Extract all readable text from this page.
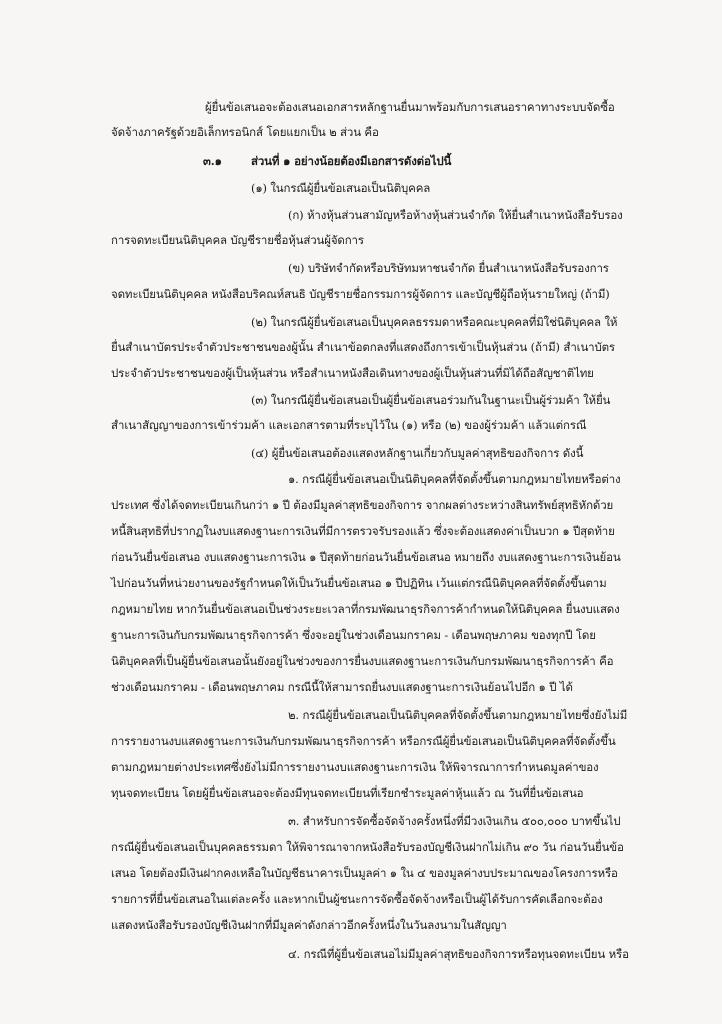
ผู้ยื่นข้อเสนอจะต้องเสนอเอกสารหลักฐานยื่นมาพร้อมกับการเสนอราคาทางระบบจัดซื้อ

จัดจ้างภาครัฐด้วยอิเล็กทรอนิกส์ โดยแยกเป็น ๒ ส่วน คือ

๓.๑	ส่วนที่ ๑ อย่างน้อยต้องมีเอกสารดังต่อไปนี้

(๑) ในกรณีผู้ยื่นข้อเสนอเป็นนิติบุคคล

(ก) ห้างหุ้นส่วนสามัญหรือห้างหุ้นส่วนจำกัด ให้ยื่นสำเนาหนังสือรับรอง

การจดทะเบียนนิติบุคคล บัญชีรายชื่อหุ้นส่วนผู้จัดการ

(ข) บริษัทจำกัดหรือบริษัทมหาชนจำกัด ยื่นสำเนาหนังสือรับรองการ

จดทะเบียนนิติบุคคล หนังสือบริคณห์สนธิ บัญชีรายชื่อกรรมการผู้จัดการ และบัญชีผู้ถือหุ้นรายใหญ่ (ถ้ามี)

(๒) ในกรณีผู้ยื่นข้อเสนอเป็นบุคคลธรรมดาหรือคณะบุคคลที่มิใช่นิติบุคคล ให้

ยื่นสำเนาบัตรประจำตัวประชาชนของผู้นั้น สำเนาข้อตกลงที่แสดงถึงการเข้าเป็นหุ้นส่วน (ถ้ามี) สำเนาบัตร

ประจำตัวประชาชนของผู้เป็นหุ้นส่วน หรือสำเนาหนังสือเดินทางของผู้เป็นหุ้นส่วนที่มิได้ถือสัญชาติไทย

(๓) ในกรณีผู้ยื่นข้อเสนอเป็นผู้ยื่นข้อเสนอร่วมกันในฐานะเป็นผู้ร่วมค้า ให้ยื่น

สำเนาสัญญาของการเข้าร่วมค้า และเอกสารตามที่ระบุไว้ใน (๑) หรือ (๒) ของผู้ร่วมค้า แล้วแต่กรณี

(๔) ผู้ยื่นข้อเสนอต้องแสดงหลักฐานเกี่ยวกับมูลค่าสุทธิของกิจการ ดังนี้

๑. กรณีผู้ยื่นข้อเสนอเป็นนิติบุคคลที่จัดตั้งขึ้นตามกฎหมายไทยหรือต่าง

ประเทศ ซึ่งได้จดทะเบียนเกินกว่า ๑ ปี ต้องมีมูลค่าสุทธิของกิจการ จากผลต่างระหว่างสินทรัพย์สุทธิหักด้วย

หนี้สินสุทธิที่ปรากฏในงบแสดงฐานะการเงินที่มีการตรวจรับรองแล้ว ซึ่งจะต้องแสดงค่าเป็นบวก ๑ ปีสุดท้าย

ก่อนวันยื่นข้อเสนอ งบแสดงฐานะการเงิน ๑ ปีสุดท้ายก่อนวันยื่นข้อเสนอ หมายถึง งบแสดงฐานะการเงินย้อน

ไปก่อนวันที่หน่วยงานของรัฐกำหนดให้เป็นวันยื่นข้อเสนอ ๑ ปีปฏิทิน เว้นแต่กรณีนิติบุคคลที่จัดตั้งขึ้นตาม

กฎหมายไทย หากวันยื่นข้อเสนอเป็นช่วงระยะเวลาที่กรมพัฒนาธุรกิจการค้ากำหนดให้นิติบุคคล ยื่นงบแสดง

ฐานะการเงินกับกรมพัฒนาธุรกิจการค้า ซึ่งจะอยู่ในช่วงเดือนมกราคม - เดือนพฤษภาคม ของทุกปี โดย

นิติบุคคลที่เป็นผู้ยื่นข้อเสนอนั้นยังอยู่ในช่วงของการยื่นงบแสดงฐานะการเงินกับกรมพัฒนาธุรกิจการค้า คือ

ช่วงเดือนมกราคม - เดือนพฤษภาคม กรณีนี้ให้สามารถยื่นงบแสดงฐานะการเงินย้อนไปอีก ๑ ปี ได้

๒. กรณีผู้ยื่นข้อเสนอเป็นนิติบุคคลที่จัดตั้งขึ้นตามกฎหมายไทยซึ่งยังไม่มี

การรายงานงบแสดงฐานะการเงินกับกรมพัฒนาธุรกิจการค้า หรือกรณีผู้ยื่นข้อเสนอเป็นนิติบุคคลที่จัดตั้งขึ้น

ตามกฎหมายต่างประเทศซึ่งยังไม่มีการรายงานงบแสดงฐานะการเงิน ให้พิจารณาการกำหนดมูลค่าของ

ทุนจดทะเบียน โดยผู้ยื่นข้อเสนอจะต้องมีทุนจดทะเบียนที่เรียกชำระมูลค่าหุ้นแล้ว ณ วันที่ยื่นข้อเสนอ

๓. สำหรับการจัดซื้อจัดจ้างครั้งหนึ่งที่มีวงเงินเกิน ๕๐๐,๐๐๐ บาทขึ้นไป

กรณีผู้ยื่นข้อเสนอเป็นบุคคลธรรมดา ให้พิจารณาจากหนังสือรับรองบัญชีเงินฝากไม่เกิน ๙๐ วัน ก่อนวันยื่นข้อ

เสนอ โดยต้องมีเงินฝากคงเหลือในบัญชีธนาคารเป็นมูลค่า ๑ ใน ๔ ของมูลค่างบประมาณของโครงการหรือ

รายการที่ยื่นข้อเสนอในแต่ละครั้ง และหากเป็นผู้ชนะการจัดซื้อจัดจ้างหรือเป็นผู้ได้รับการคัดเลือกจะต้อง

แสดงหนังสือรับรองบัญชีเงินฝากที่มีมูลค่าดังกล่าวอีกครั้งหนึ่งในวันลงนามในสัญญา

๔. กรณีที่ผู้ยื่นข้อเสนอไม่มีมูลค่าสุทธิของกิจการหรือทุนจดทะเบียน หรือ
